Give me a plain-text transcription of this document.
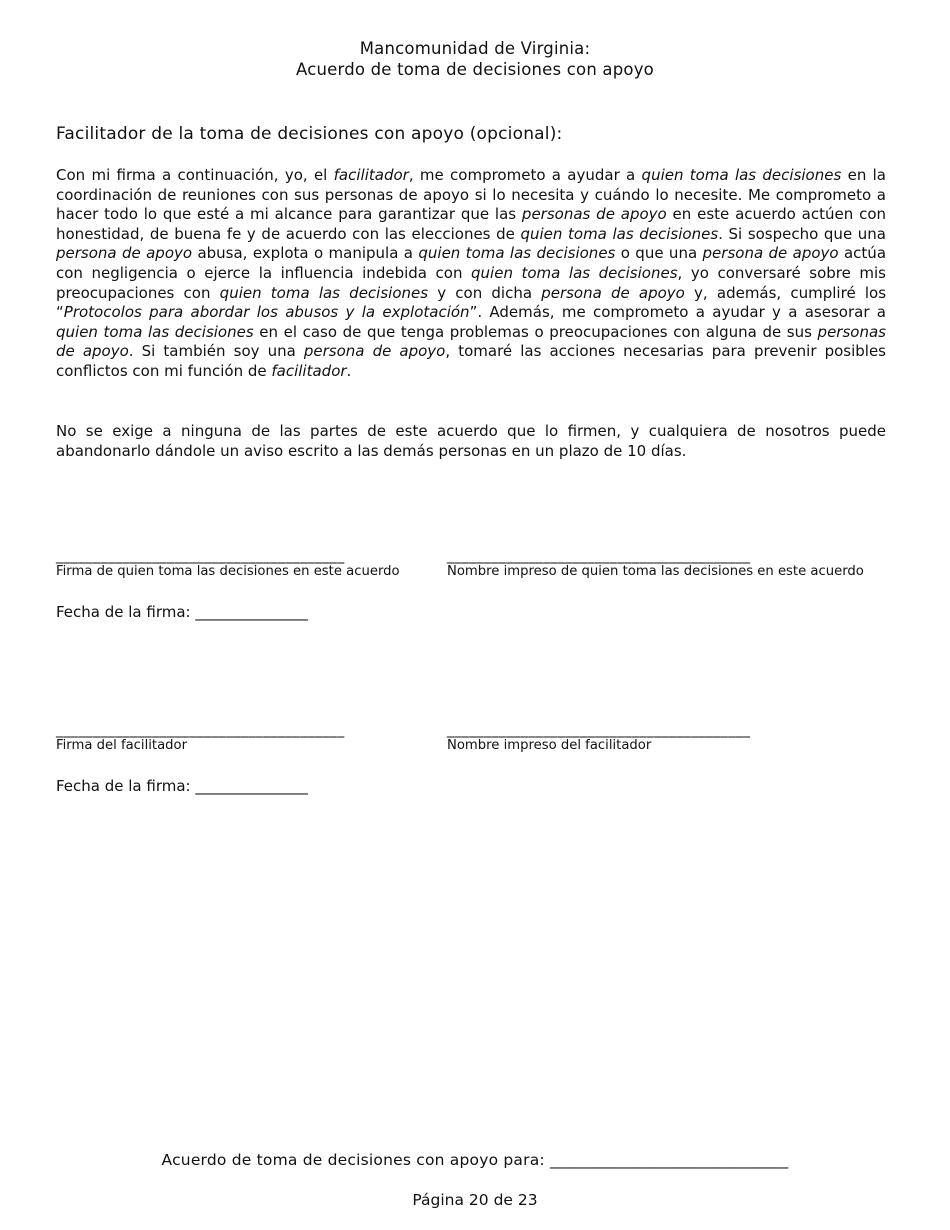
Mancomunidad de Virginia:
Acuerdo de toma de decisiones con apoyo
Facilitador de la toma de decisiones con apoyo (opcional):
Con mi firma a continuación, yo, el facilitador, me comprometo a ayudar a quien toma las decisiones en la coordinación de reuniones con sus personas de apoyo si lo necesita y cuándo lo necesite. Me comprometo a hacer todo lo que esté a mi alcance para garantizar que las personas de apoyo en este acuerdo actúen con honestidad, de buena fe y de acuerdo con las elecciones de quien toma las decisiones. Si sospecho que una persona de apoyo abusa, explota o manipula a quien toma las decisiones o que una persona de apoyo actúa con negligencia o ejerce la influencia indebida con quien toma las decisiones, yo conversaré sobre mis preocupaciones con quien toma las decisiones y con dicha persona de apoyo y, además, cumpliré los “Protocolos para abordar los abusos y la explotación”. Además, me comprometo a ayudar y a asesorar a quien toma las decisiones en el caso de que tenga problemas o preocupaciones con alguna de sus personas de apoyo. Si también soy una persona de apoyo, tomaré las acciones necesarias para prevenir posibles conflictos con mi función de facilitador.
No se exige a ninguna de las partes de este acuerdo que lo firmen, y cualquiera de nosotros puede abandonarlo dándole un aviso escrito a las demás personas en un plazo de 10 días.
_______________________________________
Firma de quien toma las decisiones en este acuerdo
_________________________________________
Nombre impreso de quien toma las decisiones en este acuerdo
Fecha de la firma: _______________
_______________________________________
Firma del facilitador
_________________________________________
Nombre impreso del facilitador
Fecha de la firma: _______________
Acuerdo de toma de decisiones con apoyo para: ______________________________
Página 20 de 23
